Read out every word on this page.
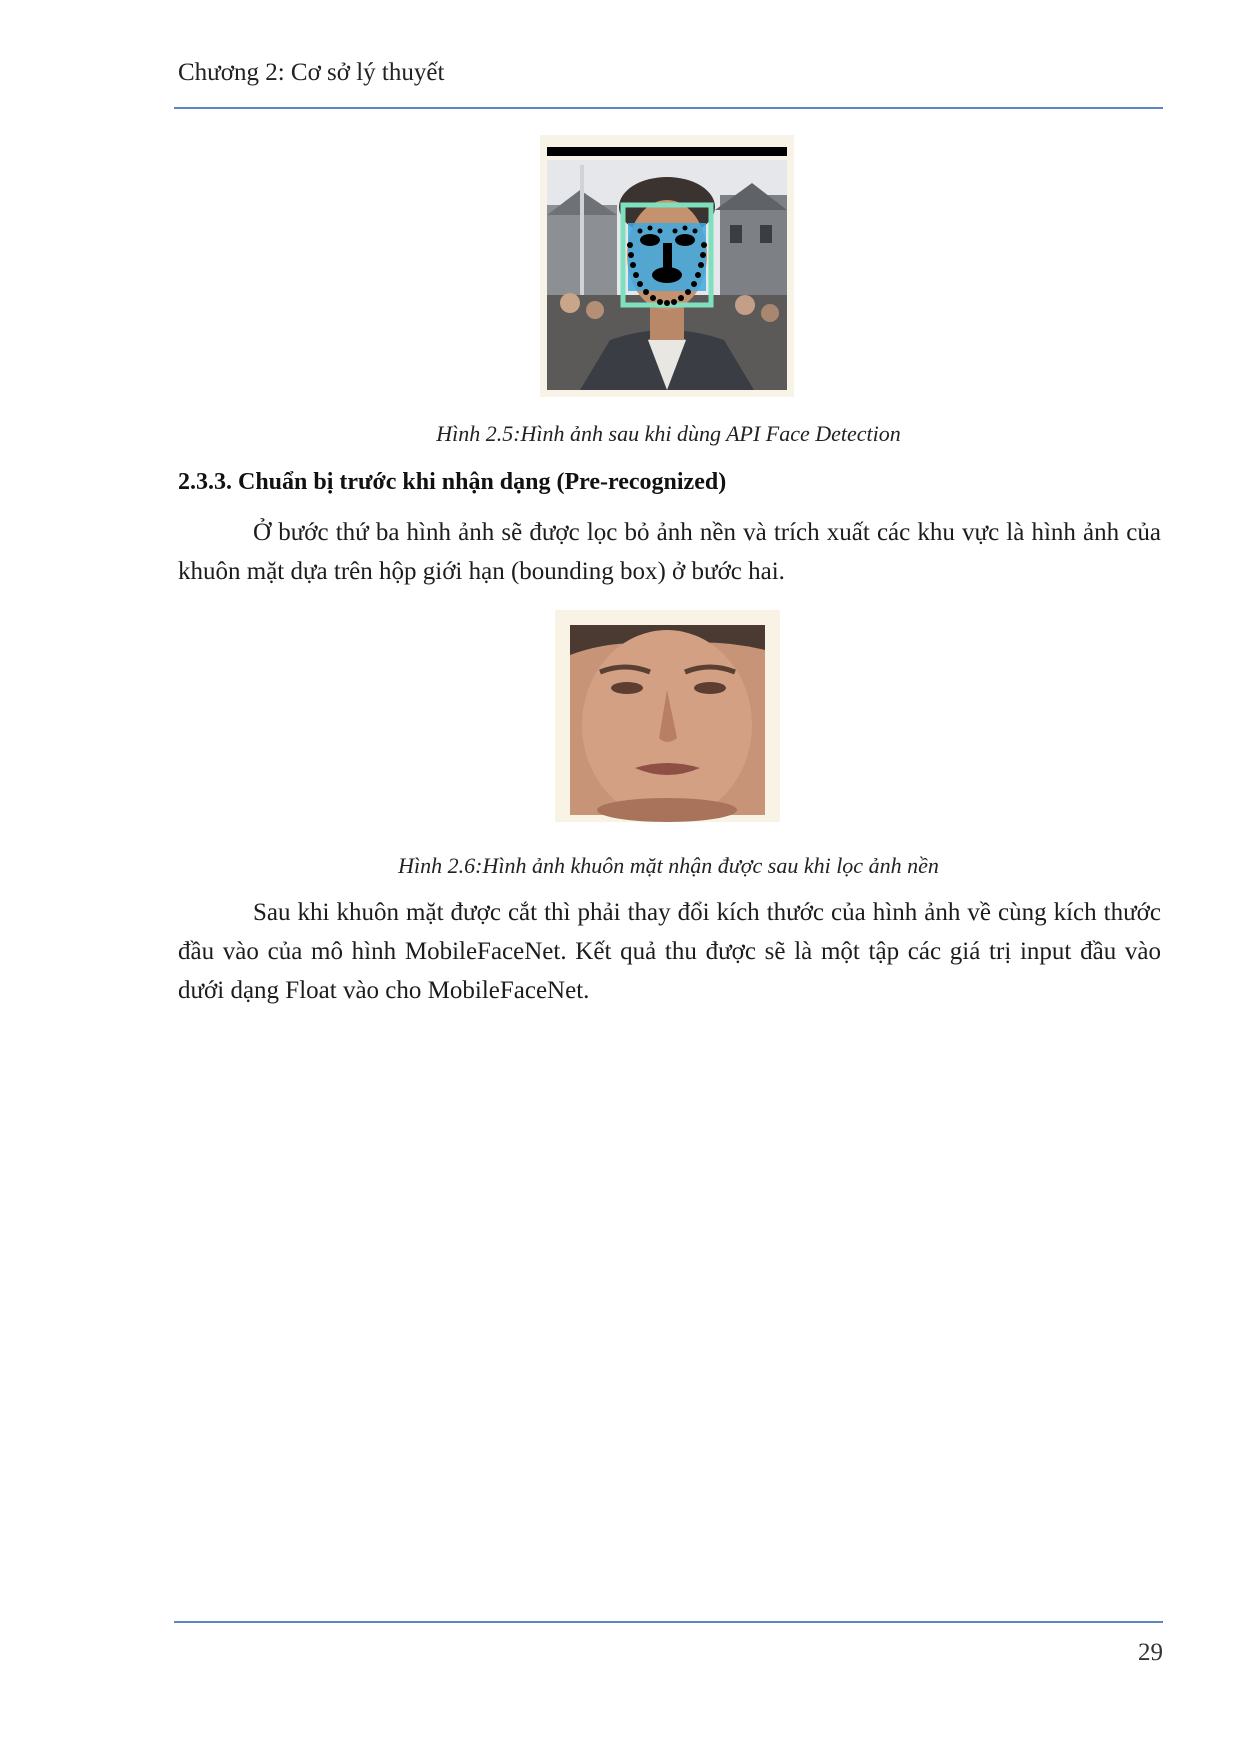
Chương 2: Cơ sở lý thuyết
Hình 2.5:Hình ảnh sau khi dùng API Face Detection
2.3.3. Chuẩn bị trước khi nhận dạng (Pre-recognized)

Ở bước thứ ba hình ảnh sẽ được lọc bỏ ảnh nền và trích xuất các khu vực là hình ảnh của khuôn mặt dựa trên hộp giới hạn (bounding box) ở bước hai.

Hình 2.6:Hình ảnh khuôn mặt nhận được sau khi lọc ảnh nền

Sau khi khuôn mặt được cắt thì phải thay đổi kích thước của hình ảnh về cùng kích thước đầu vào của mô hình MobileFaceNet. Kết quả thu được sẽ là một tập các giá trị input đầu vào dưới dạng Float vào cho MobileFaceNet.

29
